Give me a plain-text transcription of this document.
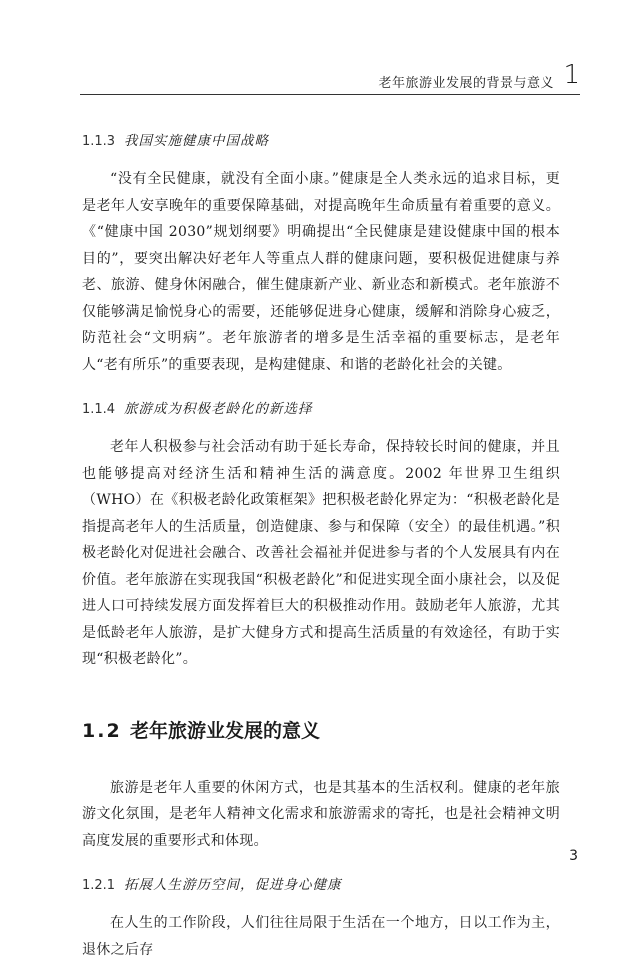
老年旅游业发展的背景与意义 1
1.1.3 我国实施健康中国战略

“没有全民健康，就没有全面小康。”健康是全人类永远的追求目标，更是老年人安享晚年的重要保障基础，对提高晚年生命质量有着重要的意义。《“健康中国 2030”规划纲要》明确提出“全民健康是建设健康中国的根本目的”，要突出解决好老年人等重点人群的健康问题，要积极促进健康与养老、旅游、健身休闲融合，催生健康新产业、新业态和新模式。老年旅游不仅能够满足愉悦身心的需要，还能够促进身心健康，缓解和消除身心疲乏，防范社会“文明病”。老年旅游者的增多是生活幸福的重要标志，是老年人“老有所乐”的重要表现，是构建健康、和谐的老龄化社会的关键。

1.1.4 旅游成为积极老龄化的新选择

老年人积极参与社会活动有助于延长寿命，保持较长时间的健康，并且也能够提高对经济生活和精神生活的满意度。2002 年世界卫生组织（WHO）在《积极老龄化政策框架》把积极老龄化界定为：“积极老龄化是指提高老年人的生活质量，创造健康、参与和保障（安全）的最佳机遇。”积极老龄化对促进社会融合、改善社会福祉并促进参与者的个人发展具有内在价值。老年旅游在实现我国“积极老龄化”和促进实现全面小康社会，以及促进人口可持续发展方面发挥着巨大的积极推动作用。鼓励老年人旅游，尤其是低龄老年人旅游，是扩大健身方式和提高生活质量的有效途径，有助于实现“积极老龄化”。

1.2 老年旅游业发展的意义

旅游是老年人重要的休闲方式，也是其基本的生活权利。健康的老年旅游文化氛围，是老年人精神文化需求和旅游需求的寄托，也是社会精神文明高度发展的重要形式和体现。

1.2.1 拓展人生游历空间，促进身心健康

在人生的工作阶段，人们往往局限于生活在一个地方，日以工作为主，退休之后存

3
